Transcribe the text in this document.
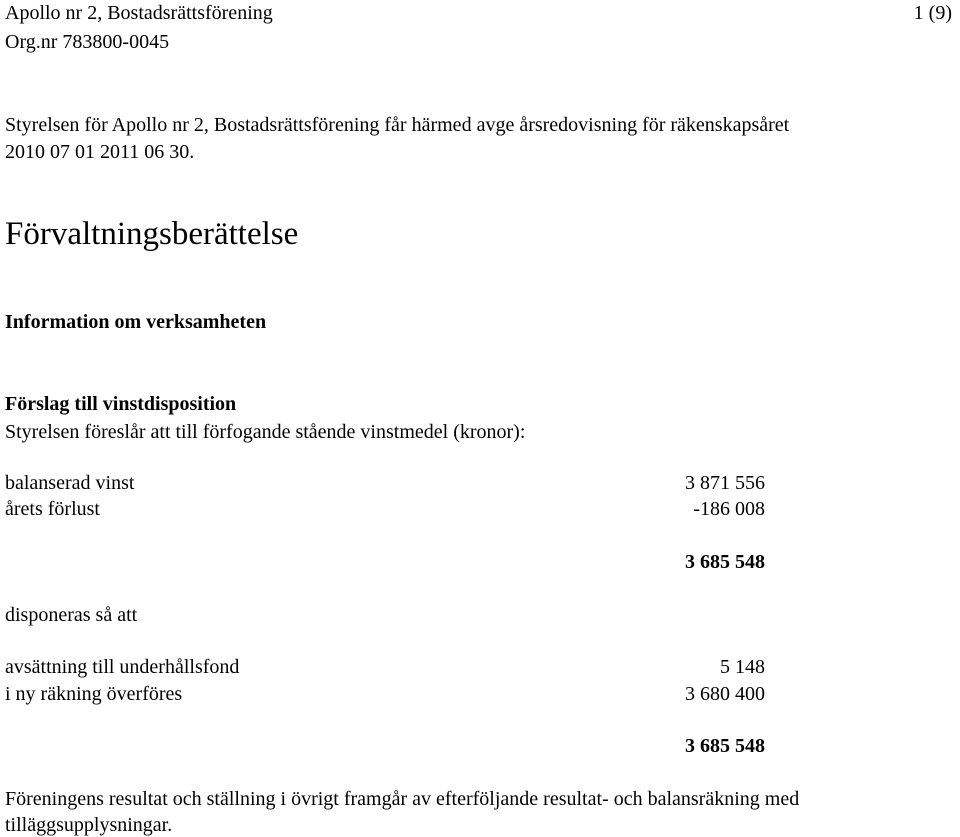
Apollo nr 2, Bostadsrättsförening
Org.nr 783800-0045
1 (9)
Styrelsen för Apollo nr 2, Bostadsrättsförening får härmed avge årsredovisning för räkenskapsåret
2010 07 01 2011 06 30.
Förvaltningsberättelse
Information om verksamheten
Förslag till vinstdisposition
Styrelsen föreslår att till förfogande stående vinstmedel (kronor):
balanserad vinst	3 871 556
årets förlust	-186 008
3 685 548
disponeras så att
avsättning till underhållsfond	5 148
i ny räkning överföres	3 680 400
3 685 548
Föreningens resultat och ställning i övrigt framgår av efterföljande resultat- och balansräkning med
tilläggsupplysningar.
